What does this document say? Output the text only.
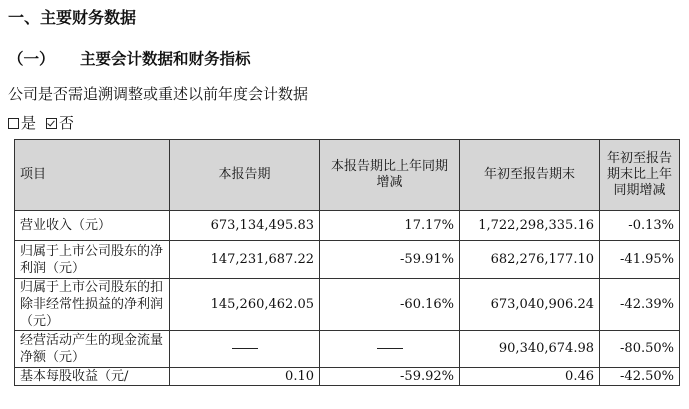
一、主要财务数据
（一） 主要会计数据和财务指标
公司是否需追溯调整或重述以前年度会计数据
是 否
项目	本报告期	本报告期比上年同期增减	年初至报告期末	年初至报告期末比上年同期增减
营业收入（元）	673,134,495.83	17.17%	1,722,298,335.16	-0.13%
归属于上市公司股东的净利润（元）	147,231,687.22	-59.91%	682,276,177.10	-41.95%
归属于上市公司股东的扣除非经常性损益的净利润（元）	145,260,462.05	-60.16%	673,040,906.24	-42.39%
经营活动产生的现金流量净额（元）			90,340,674.98	-80.50%
基本每股收益（元/	0.10	-59.92%	0.46	-42.50%
